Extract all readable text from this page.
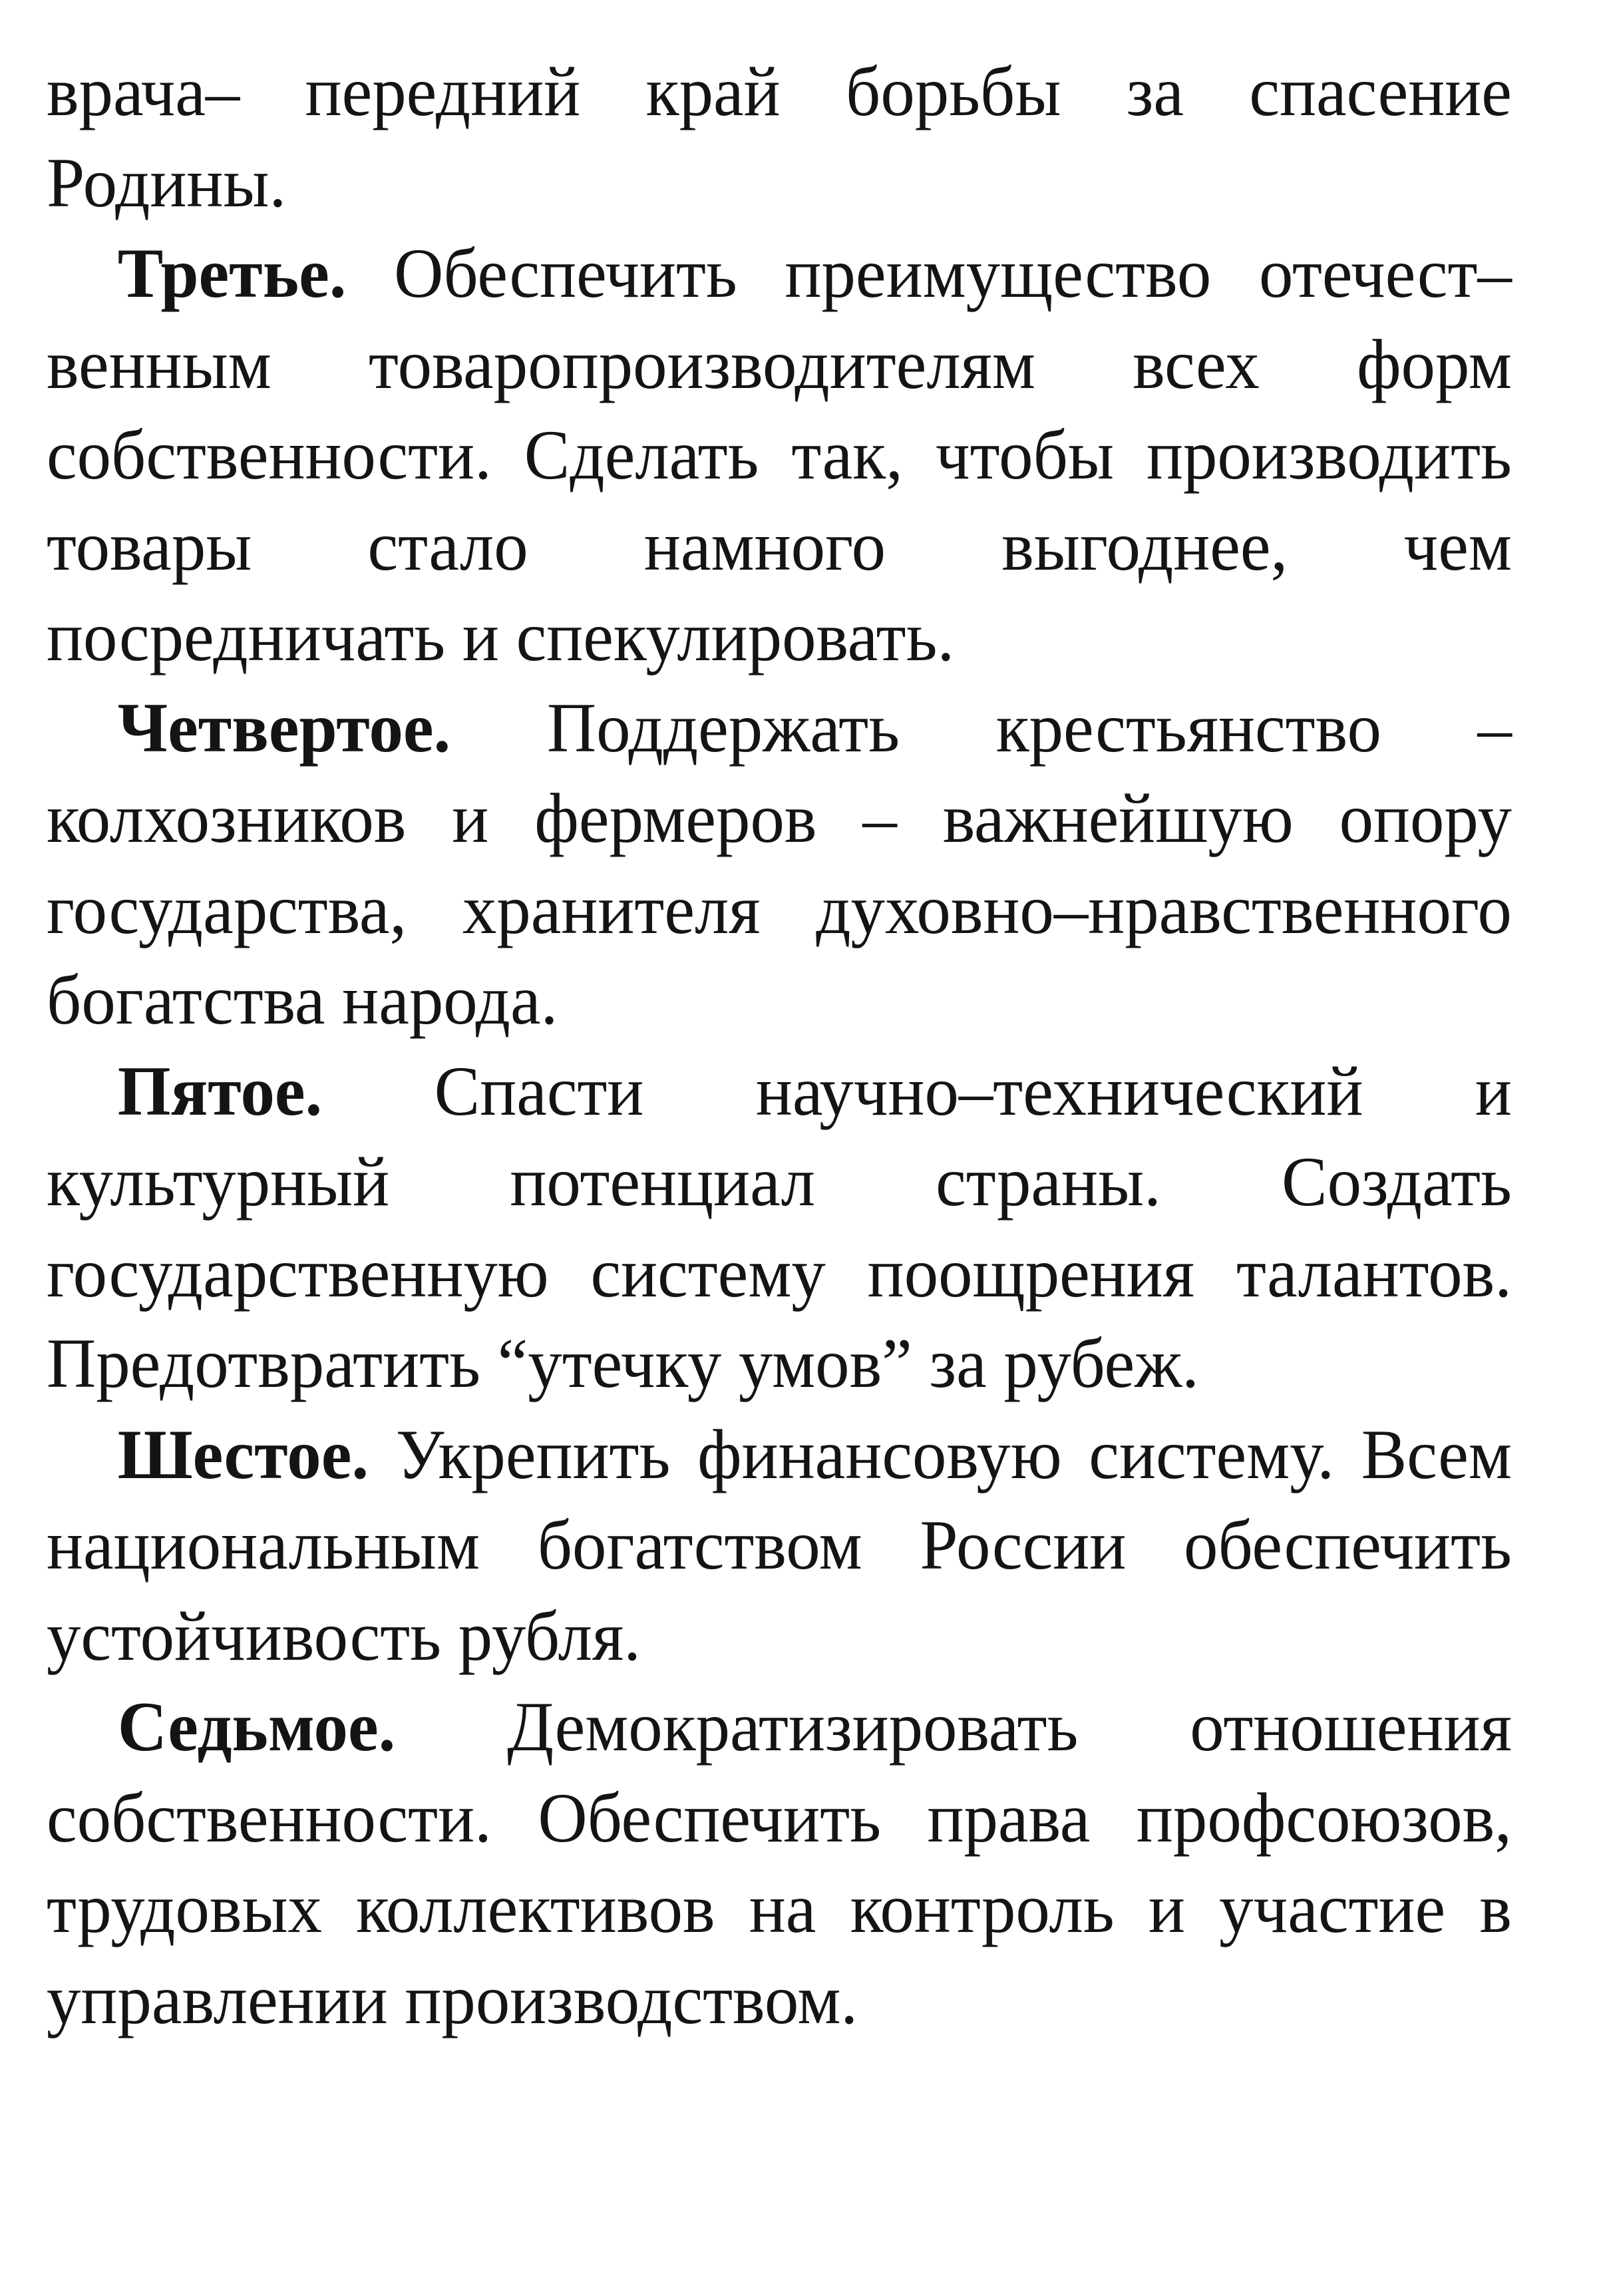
врача– передний край борьбы за спасение Родины.

Третье. Обеспечить преимущество отечест–венным товаропроизводителям всех форм собственности. Сделать так, чтобы производить товары стало намного выгоднее, чем посредничать и спекулировать.

Четвертое. Поддержать крестьянство – колхозников и фермеров – важнейшую опору государства, хранителя духовно–нравственного богатства народа.

Пятое. Спасти научно–технический и культурный потенциал страны. Создать государственную систему поощрения талантов. Предотвратить “утечку умов” за рубеж.

Шестое. Укрепить финансовую систему. Всем национальным богатством России обеспечить устойчивость рубля.

Седьмое. Демократизировать отношения собственности. Обеспечить права профсоюзов, трудовых коллективов на контроль и участие в управлении производством.
